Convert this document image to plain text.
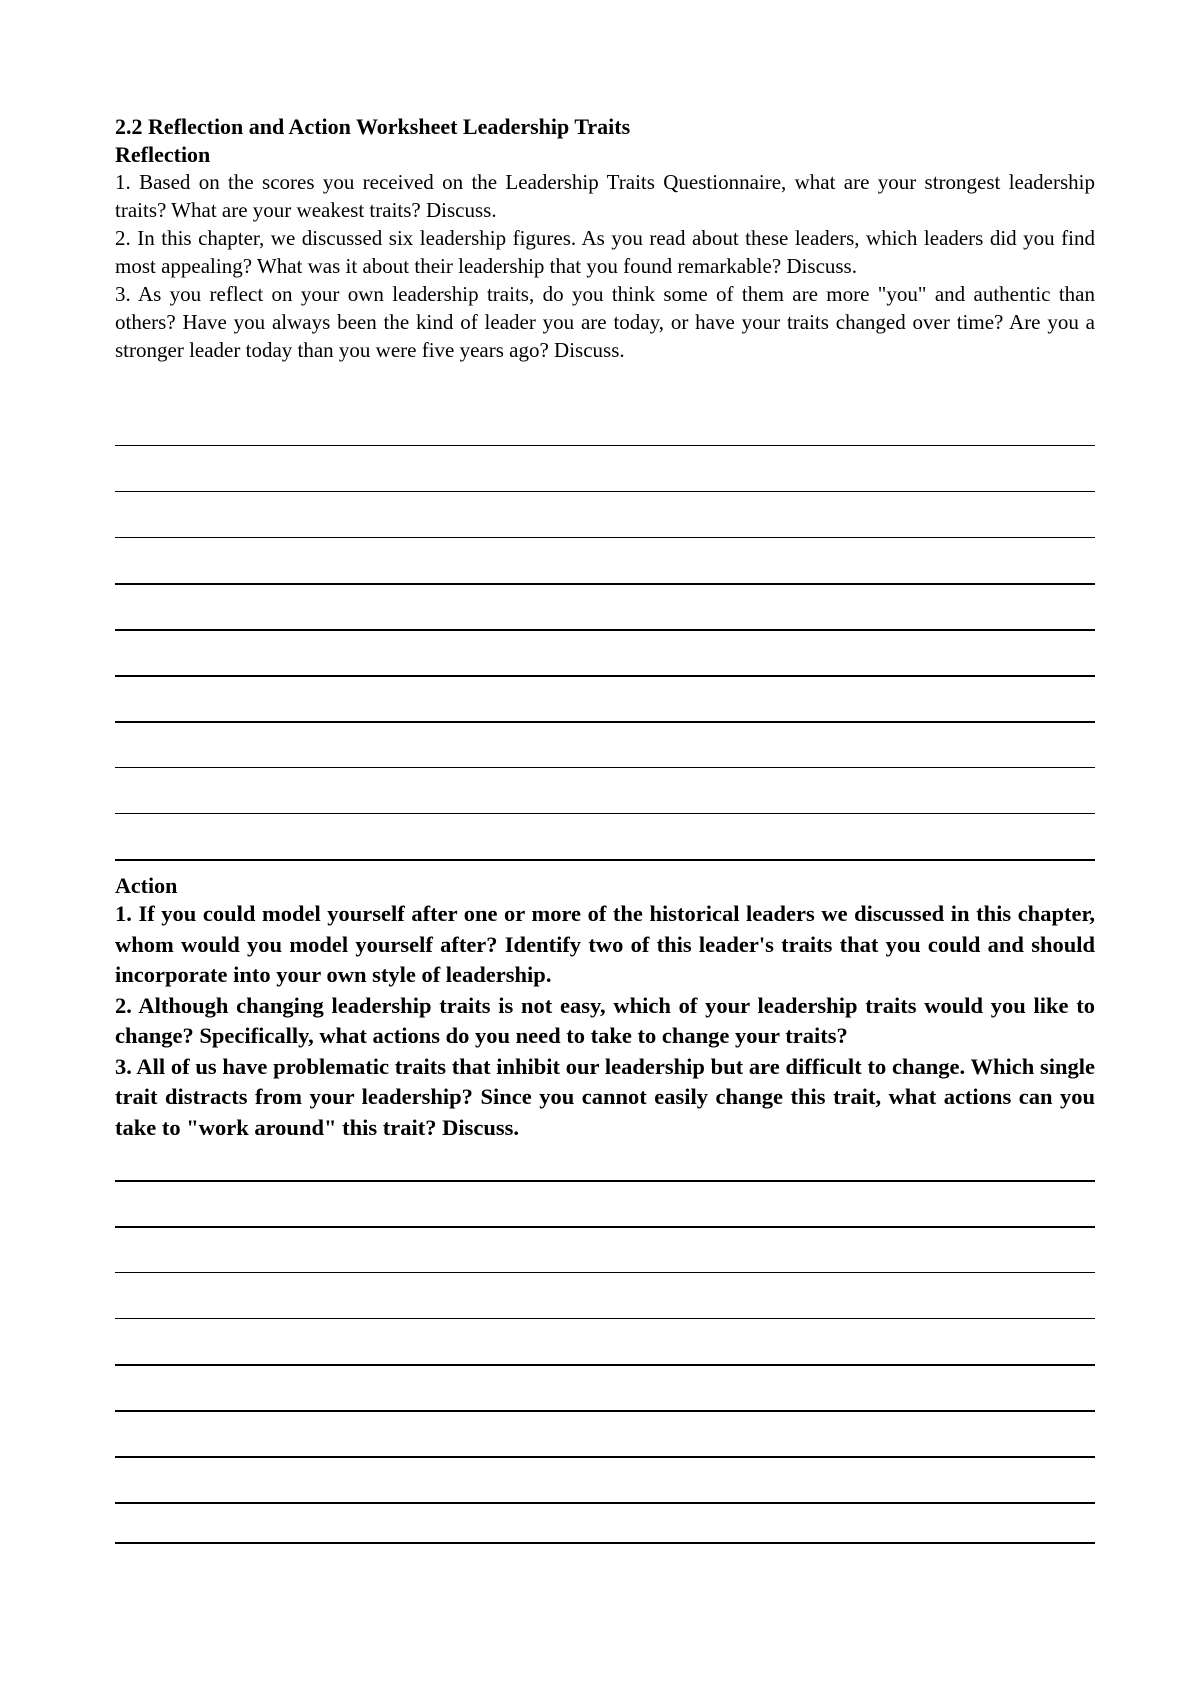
2.2 Reflection and Action Worksheet Leadership Traits

Reflection

1. Based on the scores you received on the Leadership Traits Questionnaire, what are your strongest leadership traits? What are your weakest traits? Discuss.

2. In this chapter, we discussed six leadership figures. As you read about these leaders, which leaders did you find most appealing? What was it about their leadership that you found remarkable? Discuss.

3. As you reflect on your own leadership traits, do you think some of them are more "you" and authentic than others? Have you always been the kind of leader you are today, or have your traits changed over time? Are you a stronger leader today than you were five years ago? Discuss.

Action

1. If you could model yourself after one or more of the historical leaders we discussed in this chapter, whom would you model yourself after? Identify two of this leader's traits that you could and should incorporate into your own style of leadership.

2. Although changing leadership traits is not easy, which of your leadership traits would you like to change? Specifically, what actions do you need to take to change your traits?

3. All of us have problematic traits that inhibit our leadership but are difficult to change. Which single trait distracts from your leadership? Since you cannot easily change this trait, what actions can you take to "work around" this trait? Discuss.
